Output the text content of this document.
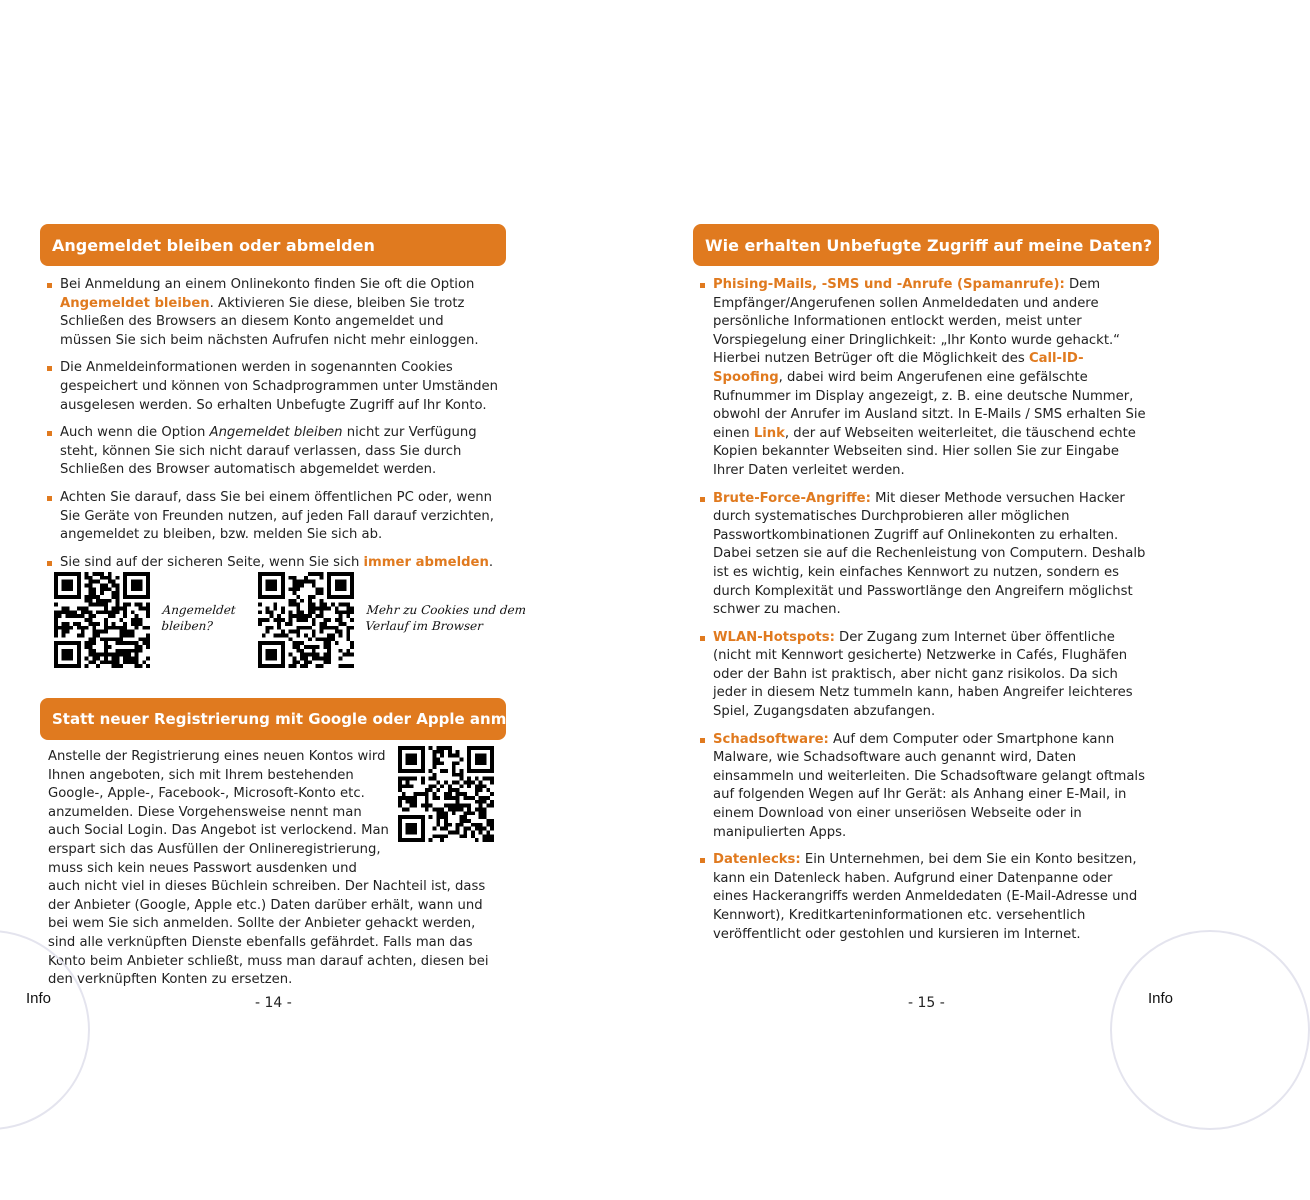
Angemeldet bleiben oder abmelden
Bei Anmeldung an einem Onlinekonto finden Sie oft die Option Angemeldet bleiben. Aktivieren Sie diese, bleiben Sie trotz Schließen des Browsers an diesem Konto angemeldet und müssen Sie sich beim nächsten Aufrufen nicht mehr einloggen.
Die Anmeldeinformationen werden in sogenannten Cookies gespeichert und können von Schadprogrammen unter Umständen ausgelesen werden. So erhalten Unbefugte Zugriff auf Ihr Konto.
Auch wenn die Option Angemeldet bleiben nicht zur Verfügung steht, können Sie sich nicht darauf verlassen, dass Sie durch Schließen des Browser automatisch abgemeldet werden.
Achten Sie darauf, dass Sie bei einem öffentlichen PC oder, wenn Sie Geräte von Freunden nutzen, auf jeden Fall darauf verzichten, angemeldet zu bleiben, bzw. melden Sie sich ab.
Sie sind auf der sicheren Seite, wenn Sie sich immer abmelden.
Angemeldet
bleiben?
Mehr zu Cookies und dem
Verlauf im Browser
Statt neuer Registrierung mit Google oder Apple anmelden
Anstelle der Registrierung eines neuen Kontos wird Ihnen angeboten, sich mit Ihrem bestehenden Google-, Apple-, Facebook-, Microsoft-Konto etc. anzumelden. Diese Vorgehensweise nennt man auch Social Login. Das Angebot ist verlockend. Man erspart sich das Ausfüllen der Onlineregistrierung, muss sich kein neues Passwort ausdenken und auch nicht viel in dieses Büchlein schreiben. Der Nachteil ist, dass der Anbieter (Google, Apple etc.) Daten darüber erhält, wann und bei wem Sie sich anmelden. Sollte der Anbieter gehackt werden, sind alle verknüpften Dienste ebenfalls gefährdet. Falls man das Konto beim Anbieter schließt, muss man darauf achten, diesen bei den verknüpften Konten zu ersetzen.
Info	- 14 -
Wie erhalten Unbefugte Zugriff auf meine Daten?
Phising-Mails, -SMS und -Anrufe (Spamanrufe): Dem Empfänger/Angerufenen sollen Anmeldedaten und andere persönliche Informationen entlockt werden, meist unter Vorspiegelung einer Dringlichkeit: „Ihr Konto wurde gehackt.“ Hierbei nutzen Betrüger oft die Möglichkeit des Call-ID-Spoofing, dabei wird beim Angerufenen eine gefälschte Rufnummer im Display angezeigt, z. B. eine deutsche Nummer, obwohl der Anrufer im Ausland sitzt. In E-Mails / SMS erhalten Sie einen Link, der auf Webseiten weiterleitet, die täuschend echte Kopien bekannter Webseiten sind. Hier sollen Sie zur Eingabe Ihrer Daten verleitet werden.
Brute-Force-Angriffe: Mit dieser Methode versuchen Hacker durch systematisches Durchprobieren aller möglichen Passwortkombinationen Zugriff auf Onlinekonten zu erhalten. Dabei setzen sie auf die Rechenleistung von Computern. Deshalb ist es wichtig, kein einfaches Kennwort zu nutzen, sondern es durch Komplexität und Passwortlänge den Angreifern möglichst schwer zu machen.
WLAN-Hotspots: Der Zugang zum Internet über öffentliche (nicht mit Kennwort gesicherte) Netzwerke in Cafés, Flughäfen oder der Bahn ist praktisch, aber nicht ganz risikolos. Da sich jeder in diesem Netz tummeln kann, haben Angreifer leichteres Spiel, Zugangsdaten abzufangen.
Schadsoftware: Auf dem Computer oder Smartphone kann Malware, wie Schadsoftware auch genannt wird, Daten einsammeln und weiterleiten. Die Schadsoftware gelangt oftmals auf folgenden Wegen auf Ihr Gerät: als Anhang einer E-Mail, in einem Download von einer unseriösen Webseite oder in manipulierten Apps.
Datenlecks: Ein Unternehmen, bei dem Sie ein Konto besitzen, kann ein Datenleck haben. Aufgrund einer Datenpanne oder eines Hackerangriffs werden Anmeldedaten (E-Mail-Adresse und Kennwort), Kreditkarteninformationen etc. versehentlich veröffentlicht oder gestohlen und kursieren im Internet.
- 15 -	Info
